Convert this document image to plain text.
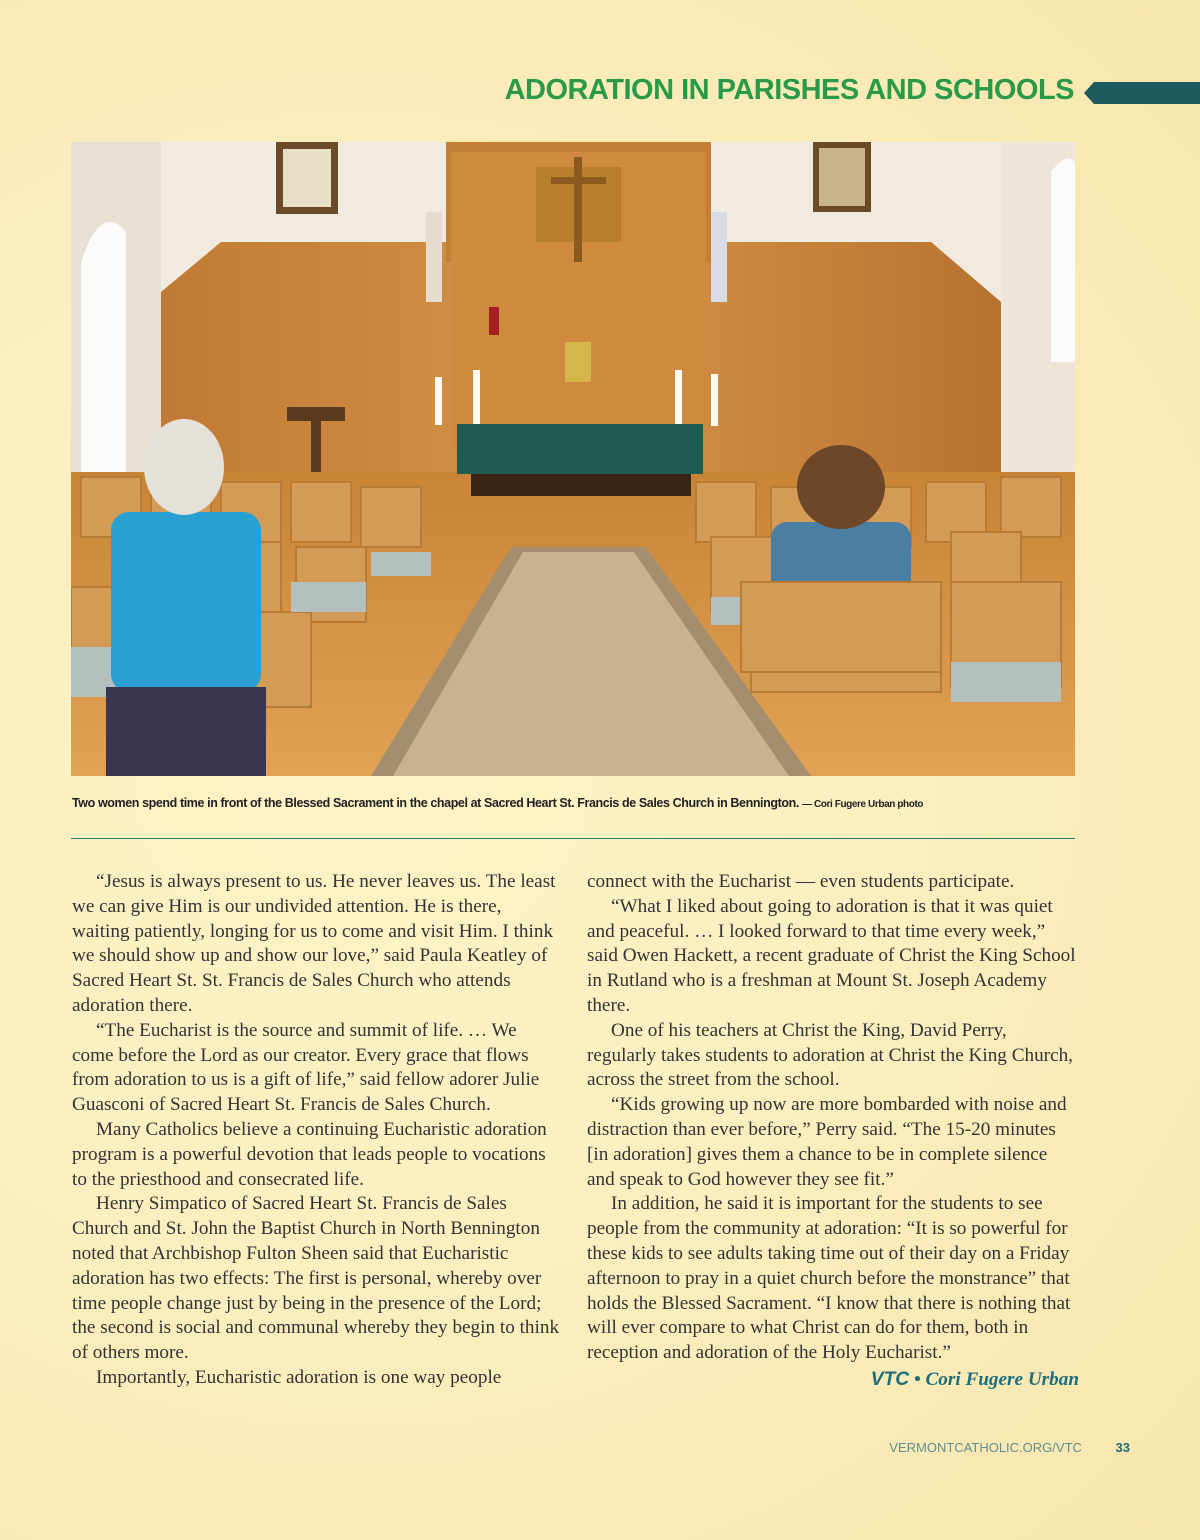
ADORATION IN PARISHES AND SCHOOLS
Two women spend time in front of the Blessed Sacrament in the chapel at Sacred Heart St. Francis de Sales Church in Bennington. — Cori Fugere Urban photo

“Jesus is always present to us. He never leaves us. The least we can give Him is our undivided attention. He is there, waiting patiently, longing for us to come and visit Him. I think we should show up and show our love,” said Paula Keatley of Sacred Heart St. St. Francis de Sales Church who attends adoration there.

“The Eucharist is the source and summit of life. … We come before the Lord as our creator. Every grace that flows from adoration to us is a gift of life,” said fellow adorer Julie Guasconi of Sacred Heart St. Francis de Sales Church.

Many Catholics believe a continuing Eucharistic adoration program is a powerful devotion that leads people to vocations to the priesthood and consecrated life.

Henry Simpatico of Sacred Heart St. Francis de Sales Church and St. John the Baptist Church in North Bennington noted that Archbishop Fulton Sheen said that Eucharistic adoration has two effects: The first is personal, whereby over time people change just by being in the presence of the Lord; the second is social and communal whereby they begin to think of others more.

Importantly, Eucharistic adoration is one way people

connect with the Eucharist — even students participate.

“What I liked about going to adoration is that it was quiet and peaceful. … I looked forward to that time every week,” said Owen Hackett, a recent graduate of Christ the King School in Rutland who is a freshman at Mount St. Joseph Academy there.

One of his teachers at Christ the King, David Perry, regularly takes students to adoration at Christ the King Church, across the street from the school.

“Kids growing up now are more bombarded with noise and distraction than ever before,” Perry said. “The 15-20 minutes [in adoration] gives them a chance to be in complete silence and speak to God however they see fit.”

In addition, he said it is important for the students to see people from the community at adoration: “It is so powerful for these kids to see adults taking time out of their day on a Friday afternoon to pray in a quiet church before the monstrance” that holds the Blessed Sacrament. “I know that there is nothing that will ever compare to what Christ can do for them, both in reception and adoration of the Holy Eucharist.”

VTC • Cori Fugere Urban
VERMONTCATHOLIC.ORG/VTC	33
